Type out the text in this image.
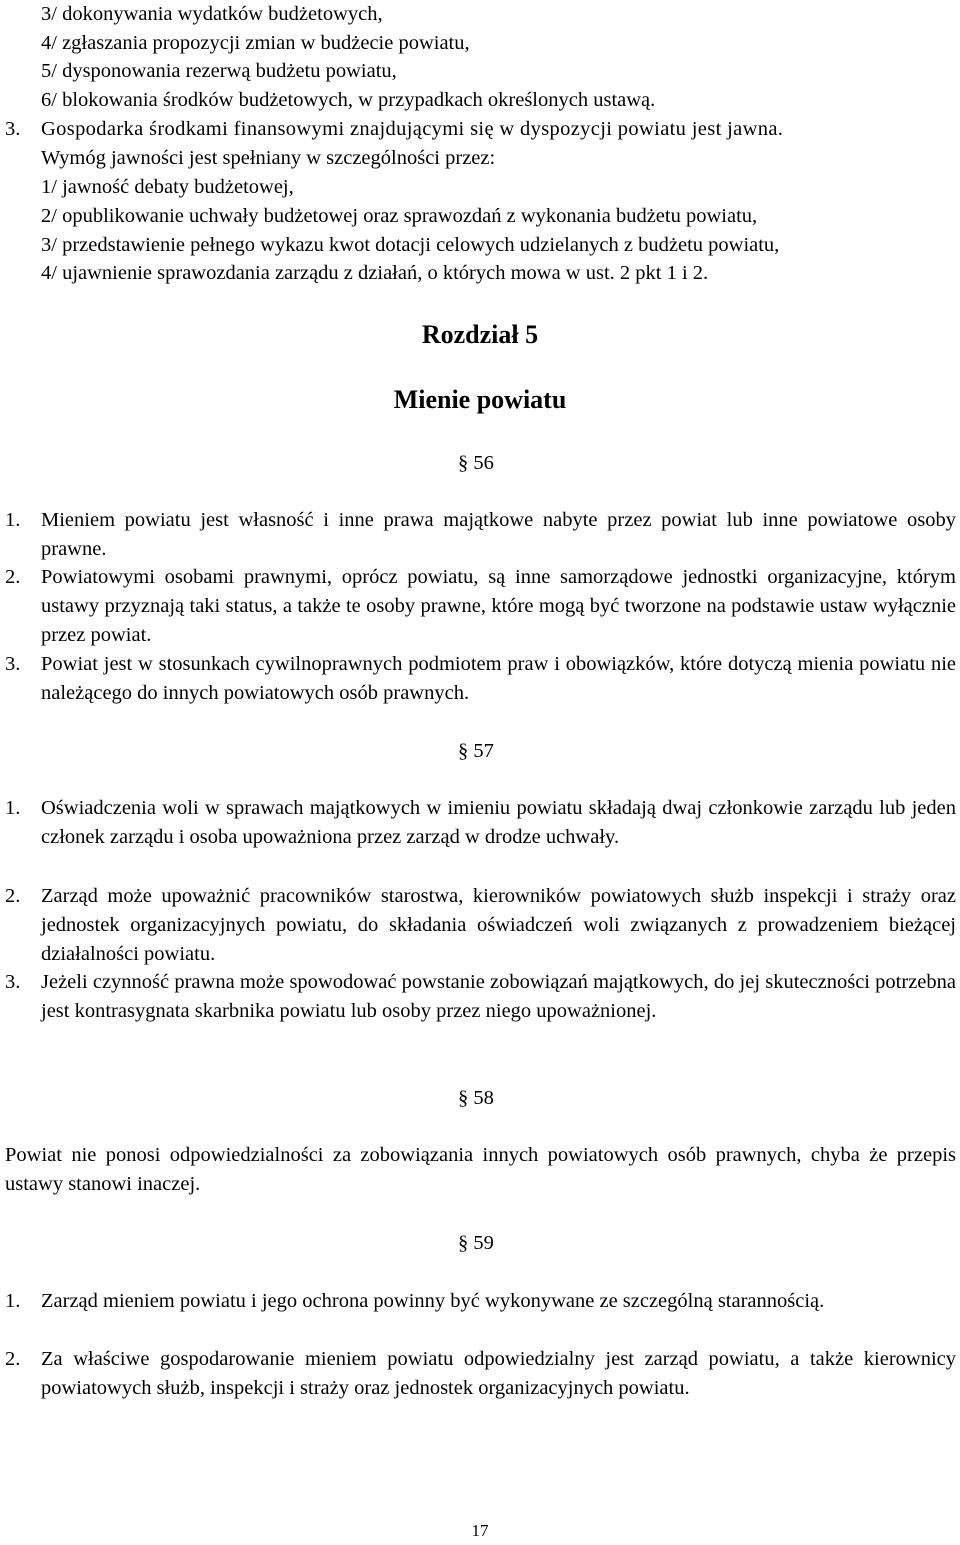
3/ dokonywania wydatków budżetowych,
4/ zgłaszania propozycji zmian w budżecie powiatu,
5/ dysponowania rezerwą budżetu powiatu,
6/ blokowania środków budżetowych, w przypadkach określonych ustawą.
3. Gospodarka środkami finansowymi znajdującymi się w dyspozycji powiatu jest jawna.
Wymóg jawności jest spełniany w szczególności przez:
1/ jawność debaty budżetowej,
2/ opublikowanie uchwały budżetowej oraz sprawozdań z wykonania budżetu powiatu,
3/ przedstawienie pełnego wykazu kwot dotacji celowych udzielanych z budżetu powiatu,
4/ ujawnienie sprawozdania zarządu z działań, o których mowa w ust. 2 pkt 1 i 2.
Rozdział 5
Mienie powiatu
§ 56
1. Mieniem powiatu jest własność i inne prawa majątkowe nabyte przez powiat lub inne powiatowe osoby prawne.
2. Powiatowymi osobami prawnymi, oprócz powiatu, są inne samorządowe jednostki organizacyjne, którym ustawy przyznają taki status, a także te osoby prawne, które mogą być tworzone na podstawie ustaw wyłącznie przez powiat.
3. Powiat jest w stosunkach cywilnoprawnych podmiotem praw i obowiązków, które dotyczą mienia powiatu nie należącego do innych powiatowych osób prawnych.
§ 57
1. Oświadczenia woli w sprawach majątkowych w imieniu powiatu składają dwaj członkowie zarządu lub jeden członek zarządu i osoba upoważniona przez zarząd w drodze uchwały.
2. Zarząd może upoważnić pracowników starostwa, kierowników powiatowych służb inspekcji i straży oraz jednostek organizacyjnych powiatu, do składania oświadczeń woli związanych z prowadzeniem bieżącej działalności powiatu.
3. Jeżeli czynność prawna może spowodować powstanie zobowiązań majątkowych, do jej skuteczności potrzebna jest kontrasygnata skarbnika powiatu lub osoby przez niego upoważnionej.
§ 58
Powiat nie ponosi odpowiedzialności za zobowiązania innych powiatowych osób prawnych, chyba że przepis ustawy stanowi inaczej.
§ 59
1. Zarząd mieniem powiatu i jego ochrona powinny być wykonywane ze szczególną starannością.
2. Za właściwe gospodarowanie mieniem powiatu odpowiedzialny jest zarząd powiatu, a także kierownicy powiatowych służb, inspekcji i straży oraz jednostek organizacyjnych powiatu.
17
